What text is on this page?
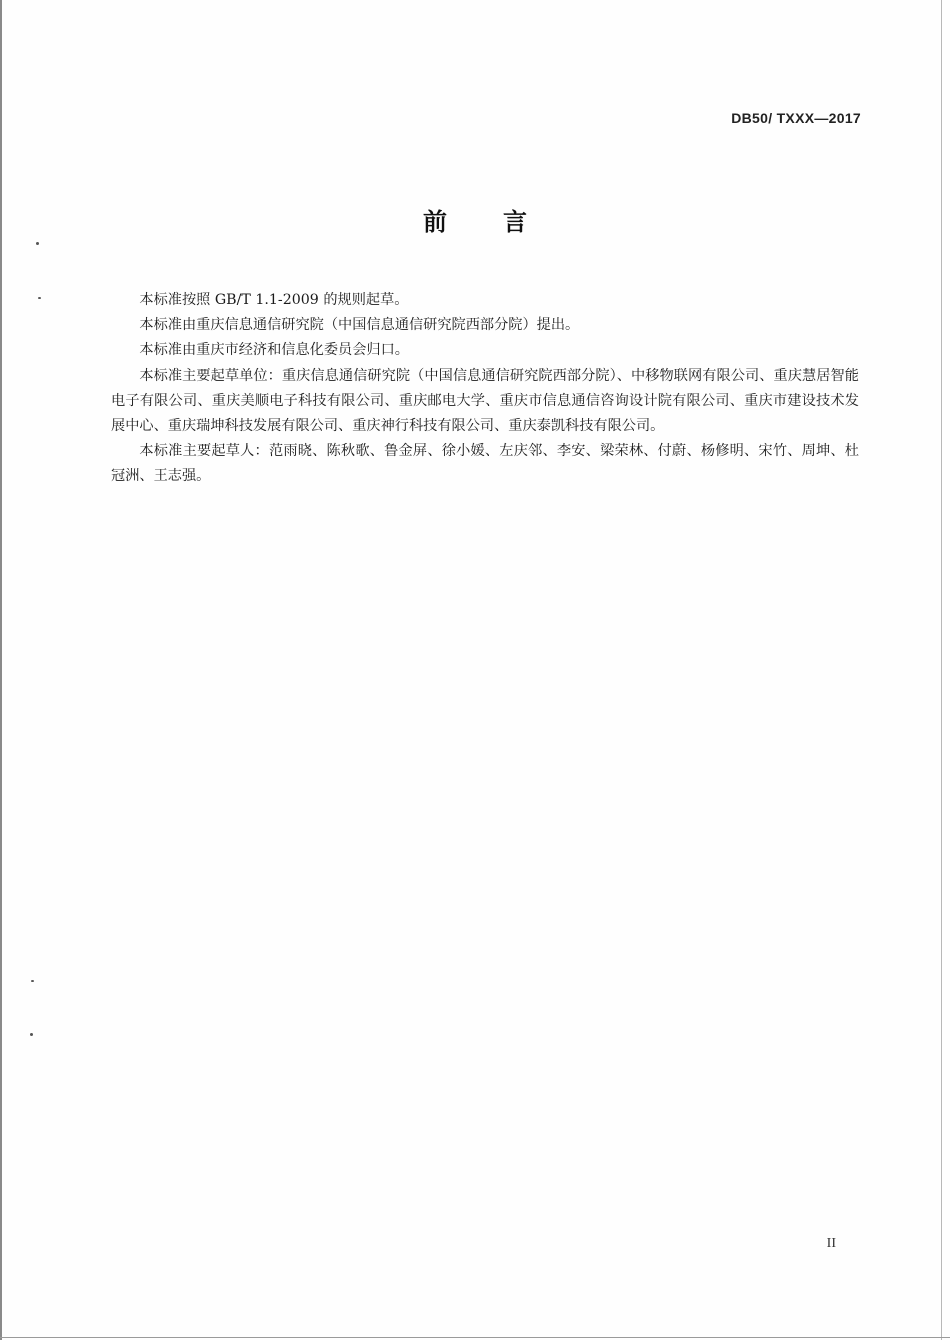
DB50/ TXXX—2017
前言

本标准按照 GB/T 1.1-2009 的规则起草。

本标准由重庆信息通信研究院（中国信息通信研究院西部分院）提出。

本标准由重庆市经济和信息化委员会归口。

本标准主要起草单位：重庆信息通信研究院（中国信息通信研究院西部分院）、中移物联网有限公司、重庆慧居智能电子有限公司、重庆美顺电子科技有限公司、重庆邮电大学、重庆市信息通信咨询设计院有限公司、重庆市建设技术发展中心、重庆瑞坤科技发展有限公司、重庆神行科技有限公司、重庆泰凯科技有限公司。

本标准主要起草人：范雨晓、陈秋歌、鲁金屏、徐小媛、左庆邻、李安、梁荣林、付蔚、杨修明、宋竹、周坤、杜冠洲、王志强。

II
